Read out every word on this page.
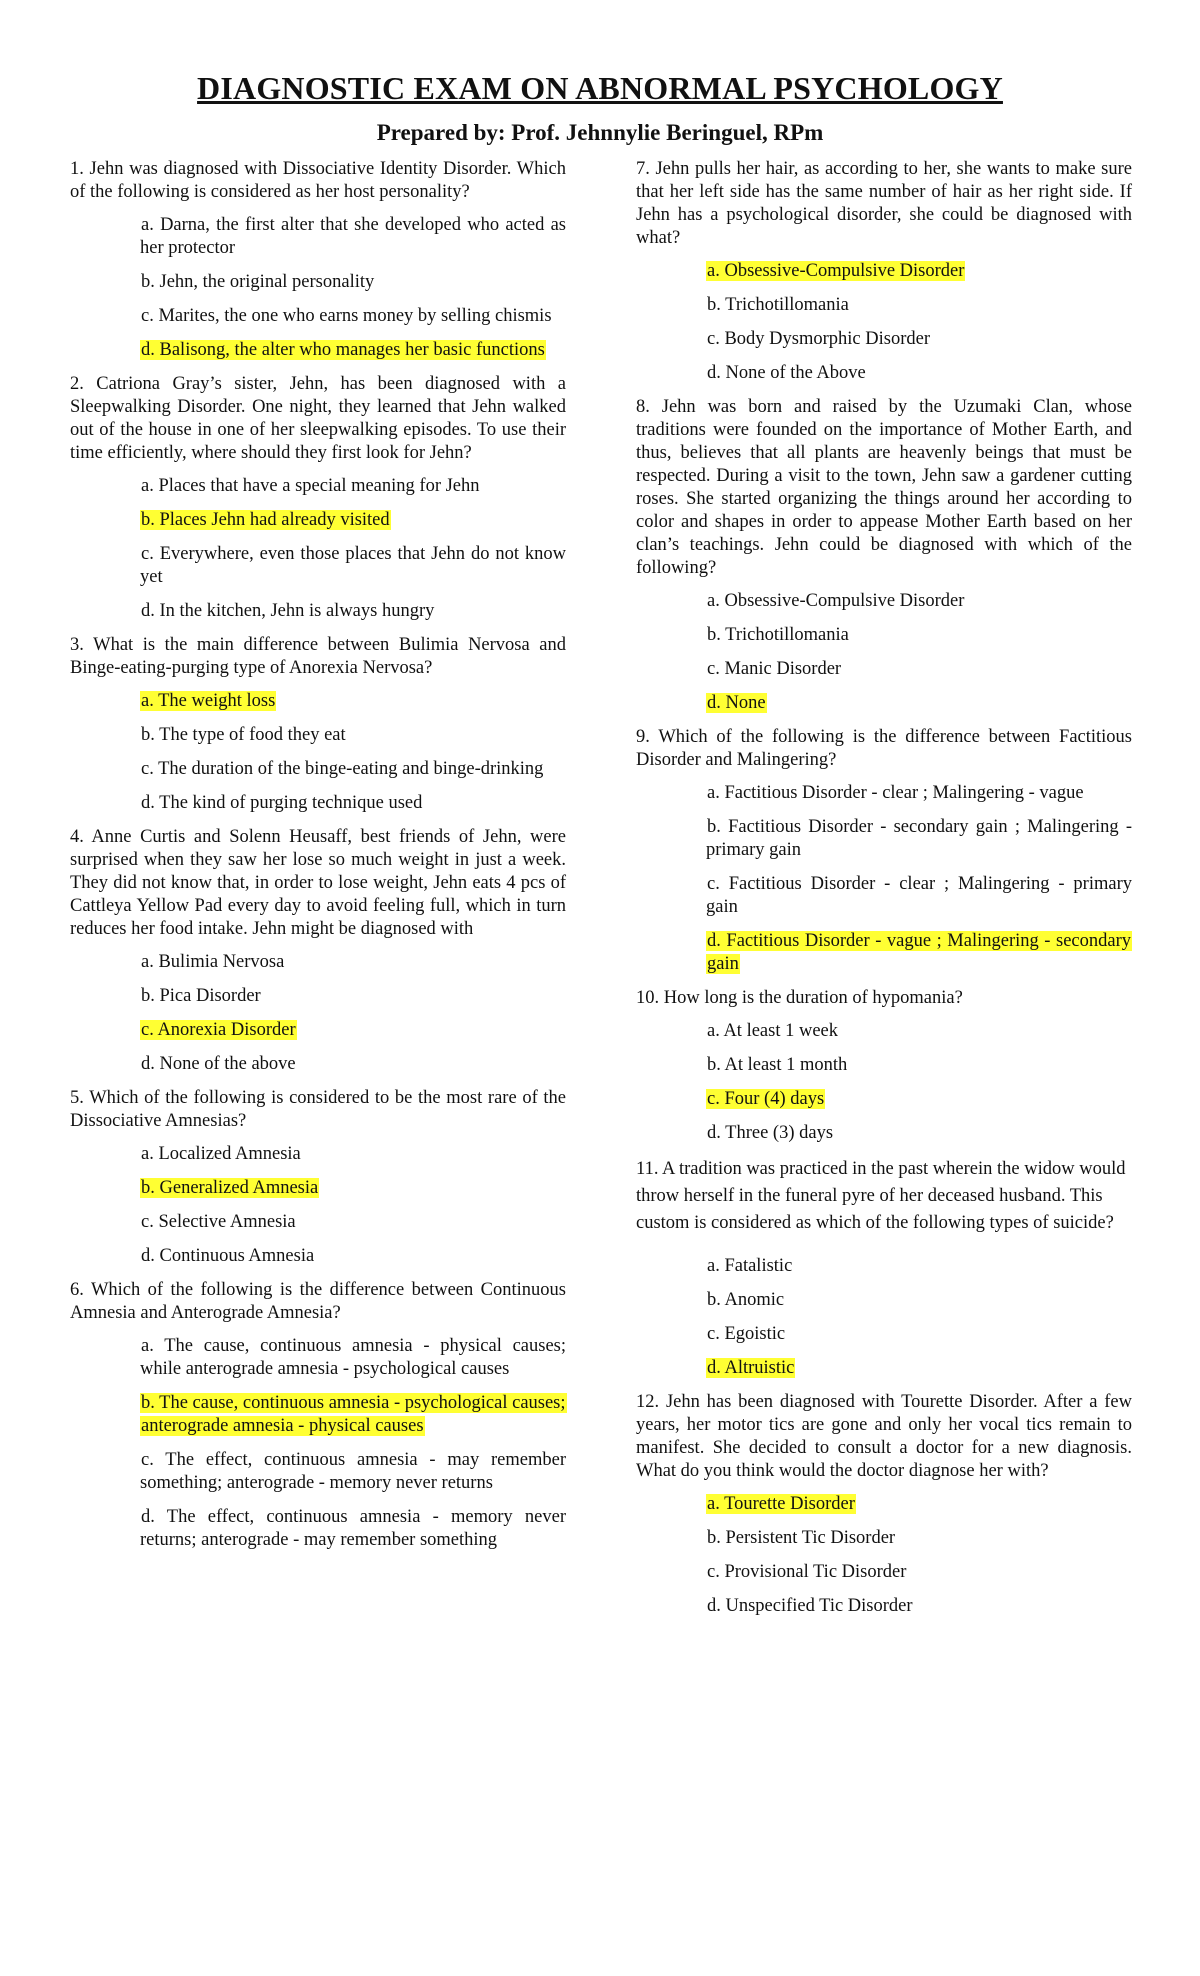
DIAGNOSTIC EXAM ON ABNORMAL PSYCHOLOGY
Prepared by: Prof. Jehnnylie Beringuel, RPm
1. Jehn was diagnosed with Dissociative Identity Disorder. Which of the following is considered as her host personality?
a. Darna, the first alter that she developed who acted as her protector
b. Jehn, the original personality
c. Marites, the one who earns money by selling chismis
d. Balisong, the alter who manages her basic functions
2. Catriona Gray’s sister, Jehn, has been diagnosed with a Sleepwalking Disorder. One night, they learned that Jehn walked out of the house in one of her sleepwalking episodes. To use their time efficiently, where should they first look for Jehn?
a. Places that have a special meaning for Jehn
b. Places Jehn had already visited
c. Everywhere, even those places that Jehn do not know yet
d. In the kitchen, Jehn is always hungry
3. What is the main difference between Bulimia Nervosa and Binge-eating-purging type of Anorexia Nervosa?
a. The weight loss
b. The type of food they eat
c. The duration of the binge-eating and binge-drinking
d. The kind of purging technique used
4. Anne Curtis and Solenn Heusaff, best friends of Jehn, were surprised when they saw her lose so much weight in just a week. They did not know that, in order to lose weight, Jehn eats 4 pcs of Cattleya Yellow Pad every day to avoid feeling full, which in turn reduces her food intake. Jehn might be diagnosed with
a. Bulimia Nervosa
b. Pica Disorder
c. Anorexia Disorder
d. None of the above
5. Which of the following is considered to be the most rare of the Dissociative Amnesias?
a. Localized Amnesia
b. Generalized Amnesia
c. Selective Amnesia
d. Continuous Amnesia
6. Which of the following is the difference between Continuous Amnesia and Anterograde Amnesia?
a. The cause, continuous amnesia - physical causes; while anterograde amnesia - psychological causes
b. The cause, continuous amnesia - psychological causes; anterograde amnesia - physical causes
c. The effect, continuous amnesia - may remember something; anterograde - memory never returns
d. The effect, continuous amnesia - memory never returns; anterograde - may remember something
7. Jehn pulls her hair, as according to her, she wants to make sure that her left side has the same number of hair as her right side. If Jehn has a psychological disorder, she could be diagnosed with what?
a. Obsessive-Compulsive Disorder
b. Trichotillomania
c. Body Dysmorphic Disorder
d. None of the Above
8. Jehn was born and raised by the Uzumaki Clan, whose traditions were founded on the importance of Mother Earth, and thus, believes that all plants are heavenly beings that must be respected. During a visit to the town, Jehn saw a gardener cutting roses. She started organizing the things around her according to color and shapes in order to appease Mother Earth based on her clan’s teachings. Jehn could be diagnosed with which of the following?
a. Obsessive-Compulsive Disorder
b. Trichotillomania
c. Manic Disorder
d. None
9. Which of the following is the difference between Factitious Disorder and Malingering?
a. Factitious Disorder - clear ; Malingering - vague
b. Factitious Disorder - secondary gain ; Malingering - primary gain
c. Factitious Disorder - clear ; Malingering - primary gain
d. Factitious Disorder - vague ; Malingering - secondary gain
10. How long is the duration of hypomania?
a. At least 1 week
b. At least 1 month
c. Four (4) days
d. Three (3) days
11. A tradition was practiced in the past wherein the widow would throw herself in the funeral pyre of her deceased husband. This custom is considered as which of the following types of suicide?
a. Fatalistic
b. Anomic
c. Egoistic
d. Altruistic
12. Jehn has been diagnosed with Tourette Disorder. After a few years, her motor tics are gone and only her vocal tics remain to manifest. She decided to consult a doctor for a new diagnosis. What do you think would the doctor diagnose her with?
a. Tourette Disorder
b. Persistent Tic Disorder
c. Provisional Tic Disorder
d. Unspecified Tic Disorder
